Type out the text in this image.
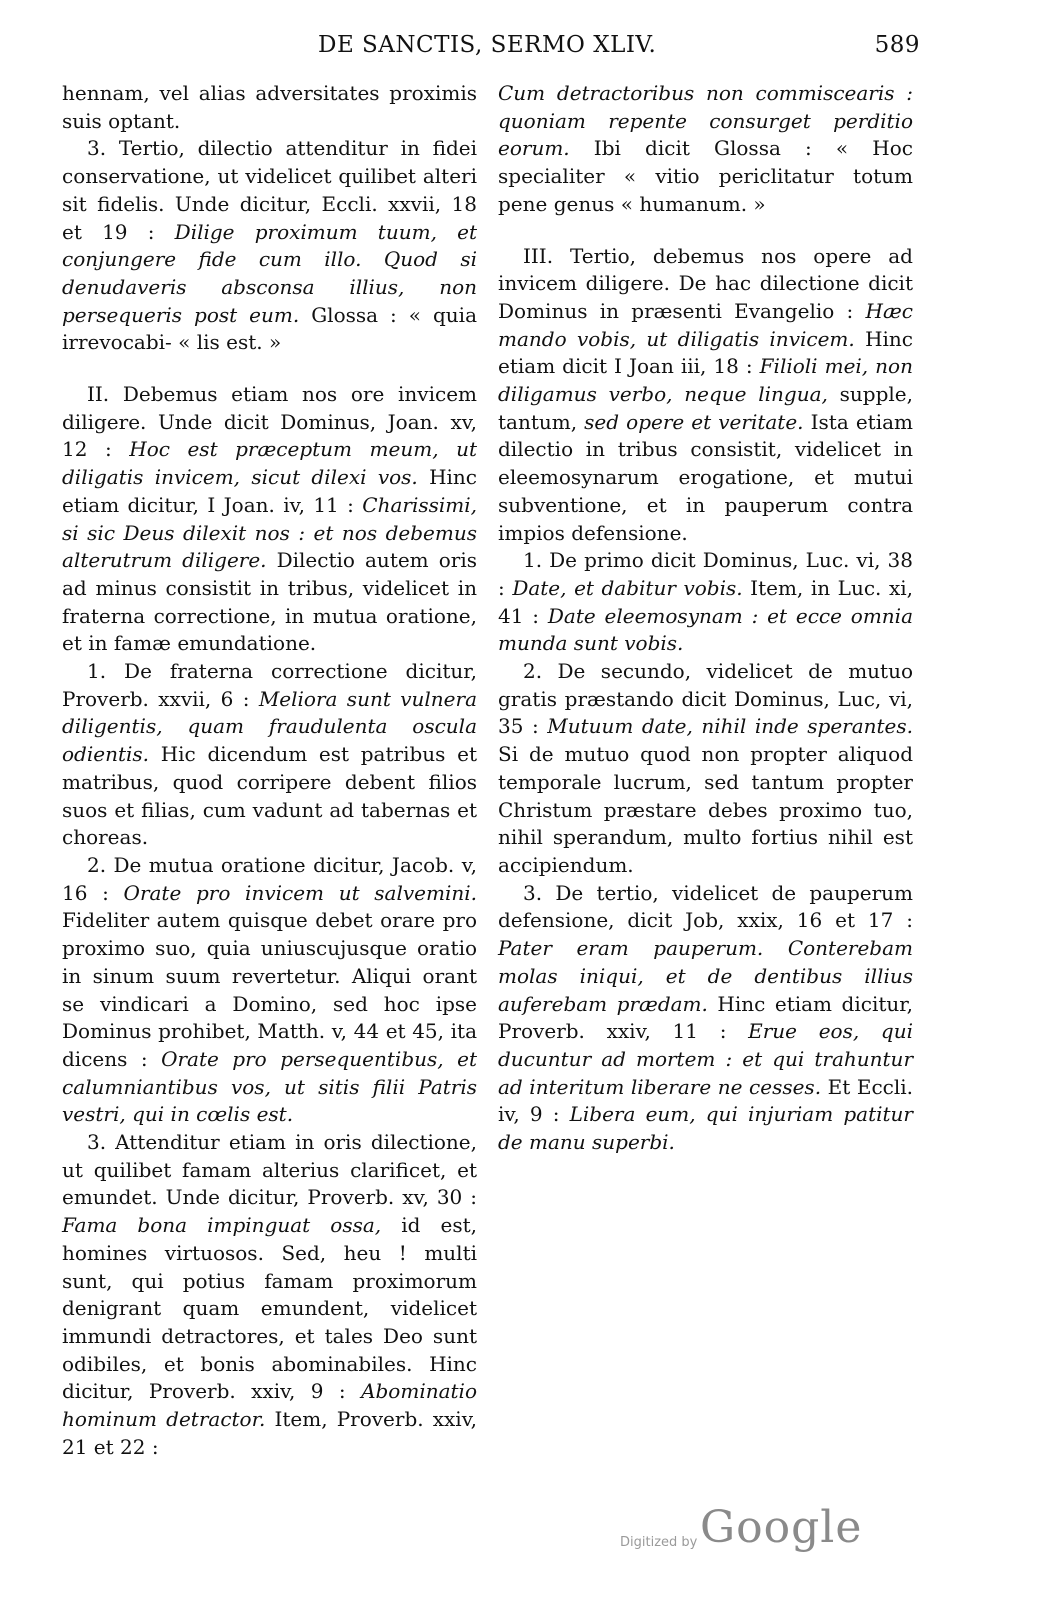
DE SANCTIS, SERMO XLIV.	589

hennam, vel alias adversitates proximis suis optant.

3. Tertio, dilectio attenditur in fidei conservatione, ut videlicet quilibet alteri sit fidelis. Unde dicitur, Eccli. xxvii, 18 et 19 : Dilige proximum tuum, et conjungere fide cum illo. Quod si denudaveris absconsa illius, non persequeris post eum. Glossa : « quia irrevocabi- « lis est. »

II. Debemus etiam nos ore invicem diligere. Unde dicit Dominus, Joan. xv, 12 : Hoc est præceptum meum, ut diligatis invicem, sicut dilexi vos. Hinc etiam dicitur, I Joan. iv, 11 : Charissimi, si sic Deus dilexit nos : et nos debemus alterutrum diligere. Dilectio autem oris ad minus consistit in tribus, videlicet in fraterna correctione, in mutua oratione, et in famæ emundatione.

1. De fraterna correctione dicitur, Proverb. xxvii, 6 : Meliora sunt vulnera diligentis, quam fraudulenta oscula odientis. Hic dicendum est patribus et matribus, quod corripere debent filios suos et filias, cum vadunt ad tabernas et choreas.

2. De mutua oratione dicitur, Jacob. v, 16 : Orate pro invicem ut salvemini. Fideliter autem quisque debet orare pro proximo suo, quia uniuscujusque oratio in sinum suum revertetur. Aliqui orant se vindicari a Domino, sed hoc ipse Dominus prohibet, Matth. v, 44 et 45, ita dicens : Orate pro persequentibus, et calumniantibus vos, ut sitis filii Patris vestri, qui in cœlis est.

3. Attenditur etiam in oris dilectione, ut quilibet famam alterius clarificet, et emundet. Unde dicitur, Proverb. xv, 30 : Fama bona impinguat ossa, id est, homines virtuosos. Sed, heu ! multi sunt, qui potius famam proximorum denigrant quam emundent, videlicet immundi detractores, et tales Deo sunt odibiles, et bonis abominabiles. Hinc dicitur, Proverb. xxiv, 9 : Abominatio hominum detractor. Item, Proverb. xxiv, 21 et 22 :

Cum detractoribus non commiscearis : quoniam repente consurget perditio eorum. Ibi dicit Glossa : « Hoc specialiter « vitio periclitatur totum pene genus « humanum. »

III. Tertio, debemus nos opere ad invicem diligere. De hac dilectione dicit Dominus in præsenti Evangelio : Hæc mando vobis, ut diligatis invicem. Hinc etiam dicit I Joan iii, 18 : Filioli mei, non diligamus verbo, neque lingua, supple, tantum, sed opere et veritate. Ista etiam dilectio in tribus consistit, videlicet in eleemosynarum erogatione, et mutui subventione, et in pauperum contra impios defensione.

1. De primo dicit Dominus, Luc. vi, 38 : Date, et dabitur vobis. Item, in Luc. xi, 41 : Date eleemosynam : et ecce omnia munda sunt vobis.

2. De secundo, videlicet de mutuo gratis præstando dicit Dominus, Luc, vi, 35 : Mutuum date, nihil inde sperantes. Si de mutuo quod non propter aliquod temporale lucrum, sed tantum propter Christum præstare debes proximo tuo, nihil sperandum, multo fortius nihil est accipiendum.

3. De tertio, videlicet de pauperum defensione, dicit Job, xxix, 16 et 17 : Pater eram pauperum. Conterebam molas iniqui, et de dentibus illius auferebam prædam. Hinc etiam dicitur, Proverb. xxiv, 11 : Erue eos, qui ducuntur ad mortem : et qui trahuntur ad interitum liberare ne cesses. Et Eccli. iv, 9 : Libera eum, qui injuriam patitur de manu superbi.

Digitized by Google
